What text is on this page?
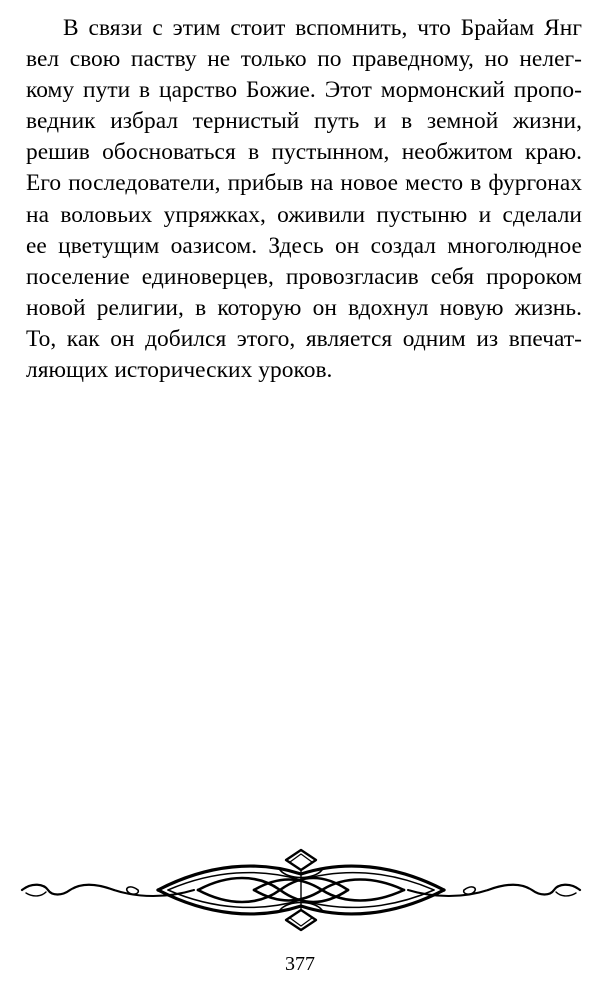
В связи с этим стоит вспомнить, что Брайам Янг
вел свою паству не только по праведному, но нелег-
кому пути в царство Божие. Этот мормонский пропо-
ведник избрал тернистый путь и в земной жизни,
решив обосноваться в пустынном, необжитом краю.
Его последователи, прибыв на новое место в фургонах
на воловьих упряжках, оживили пустыню и сделали
ее цветущим оазисом. Здесь он создал многолюдное
поселение единоверцев, провозгласив себя пророком
новой религии, в которую он вдохнул новую жизнь.
То, как он добился этого, является одним из впечат-
ляющих исторических уроков.
377
